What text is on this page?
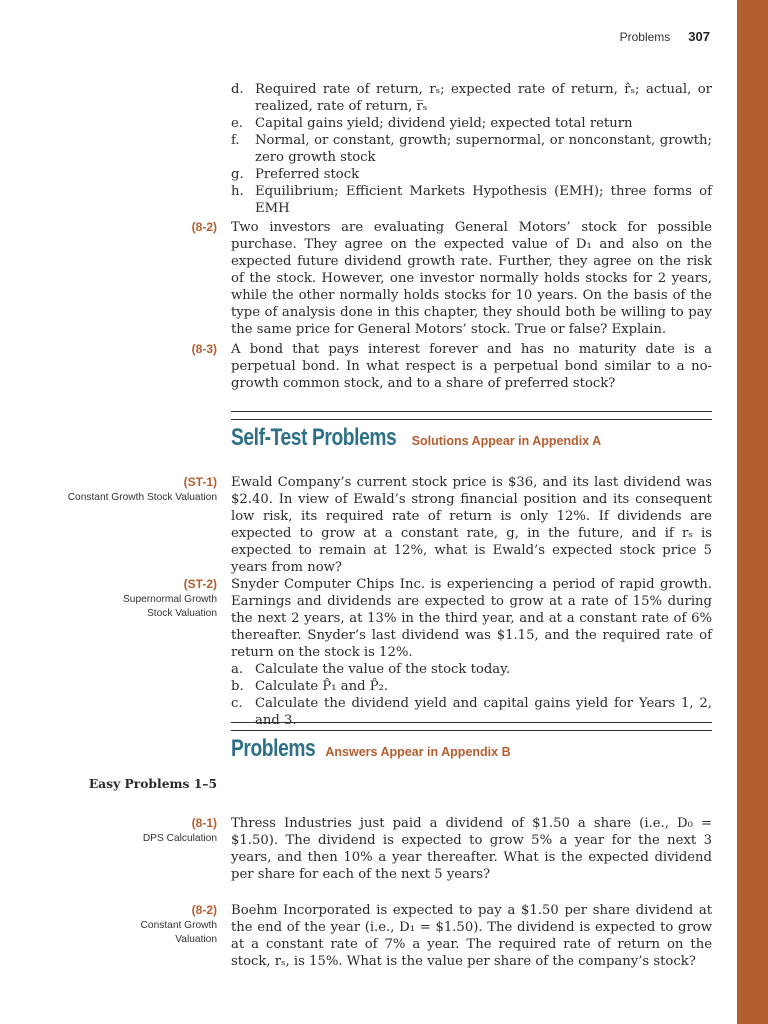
Problems 307
d. Required rate of return, rₛ; expected rate of return, r̂ₛ; actual, or realized, rate of return, r̅ₛ
e. Capital gains yield; dividend yield; expected total return
f.	Normal, or constant, growth; supernormal, or nonconstant, growth; zero growth stock
g. Preferred stock
h. Equilibrium; Efficient Markets Hypothesis (EMH); three forms of EMH
(8-2) Two investors are evaluating General Motors’ stock for possible purchase. They agree on the expected value of D₁ and also on the expected future dividend growth rate. Further, they agree on the risk of the stock. However, one investor normally holds stocks for 2 years, while the other normally holds stocks for 10 years. On the basis of the type of analysis done in this chapter, they should both be willing to pay the same price for General Motors’ stock. True or false? Explain.
(8-3) A bond that pays interest forever and has no maturity date is a perpetual bond. In what respect is a perpetual bond similar to a no-growth common stock, and to a share of preferred stock?
Self-Test Problems Solutions Appear in Appendix A
(ST-1)
Constant Growth Stock Valuation
Ewald Company’s current stock price is $36, and its last dividend was $2.40. In view of Ewald’s strong financial position and its consequent low risk, its required rate of return is only 12%. If dividends are expected to grow at a constant rate, g, in the future, and if rₛ is expected to remain at 12%, what is Ewald’s expected stock price 5 years from now?
(ST-2)
Supernormal Growth Stock Valuation
Snyder Computer Chips Inc. is experiencing a period of rapid growth. Earnings and dividends are expected to grow at a rate of 15% during the next 2 years, at 13% in the third year, and at a constant rate of 6% thereafter. Snyder’s last dividend was $1.15, and the required rate of return on the stock is 12%.
a. Calculate the value of the stock today.
b. Calculate P̂₁ and P̂₂.
c. Calculate the dividend yield and capital gains yield for Years 1, 2, and 3.
Problems Answers Appear in Appendix B
Easy Problems 1–5
(8-1)
DPS Calculation
Thress Industries just paid a dividend of $1.50 a share (i.e., D₀ = $1.50). The dividend is expected to grow 5% a year for the next 3 years, and then 10% a year thereafter. What is the expected dividend per share for each of the next 5 years?
(8-2)
Constant Growth Valuation
Boehm Incorporated is expected to pay a $1.50 per share dividend at the end of the year (i.e., D₁ = $1.50). The dividend is expected to grow at a constant rate of 7% a year. The required rate of return on the stock, rₛ, is 15%. What is the value per share of the company’s stock?
